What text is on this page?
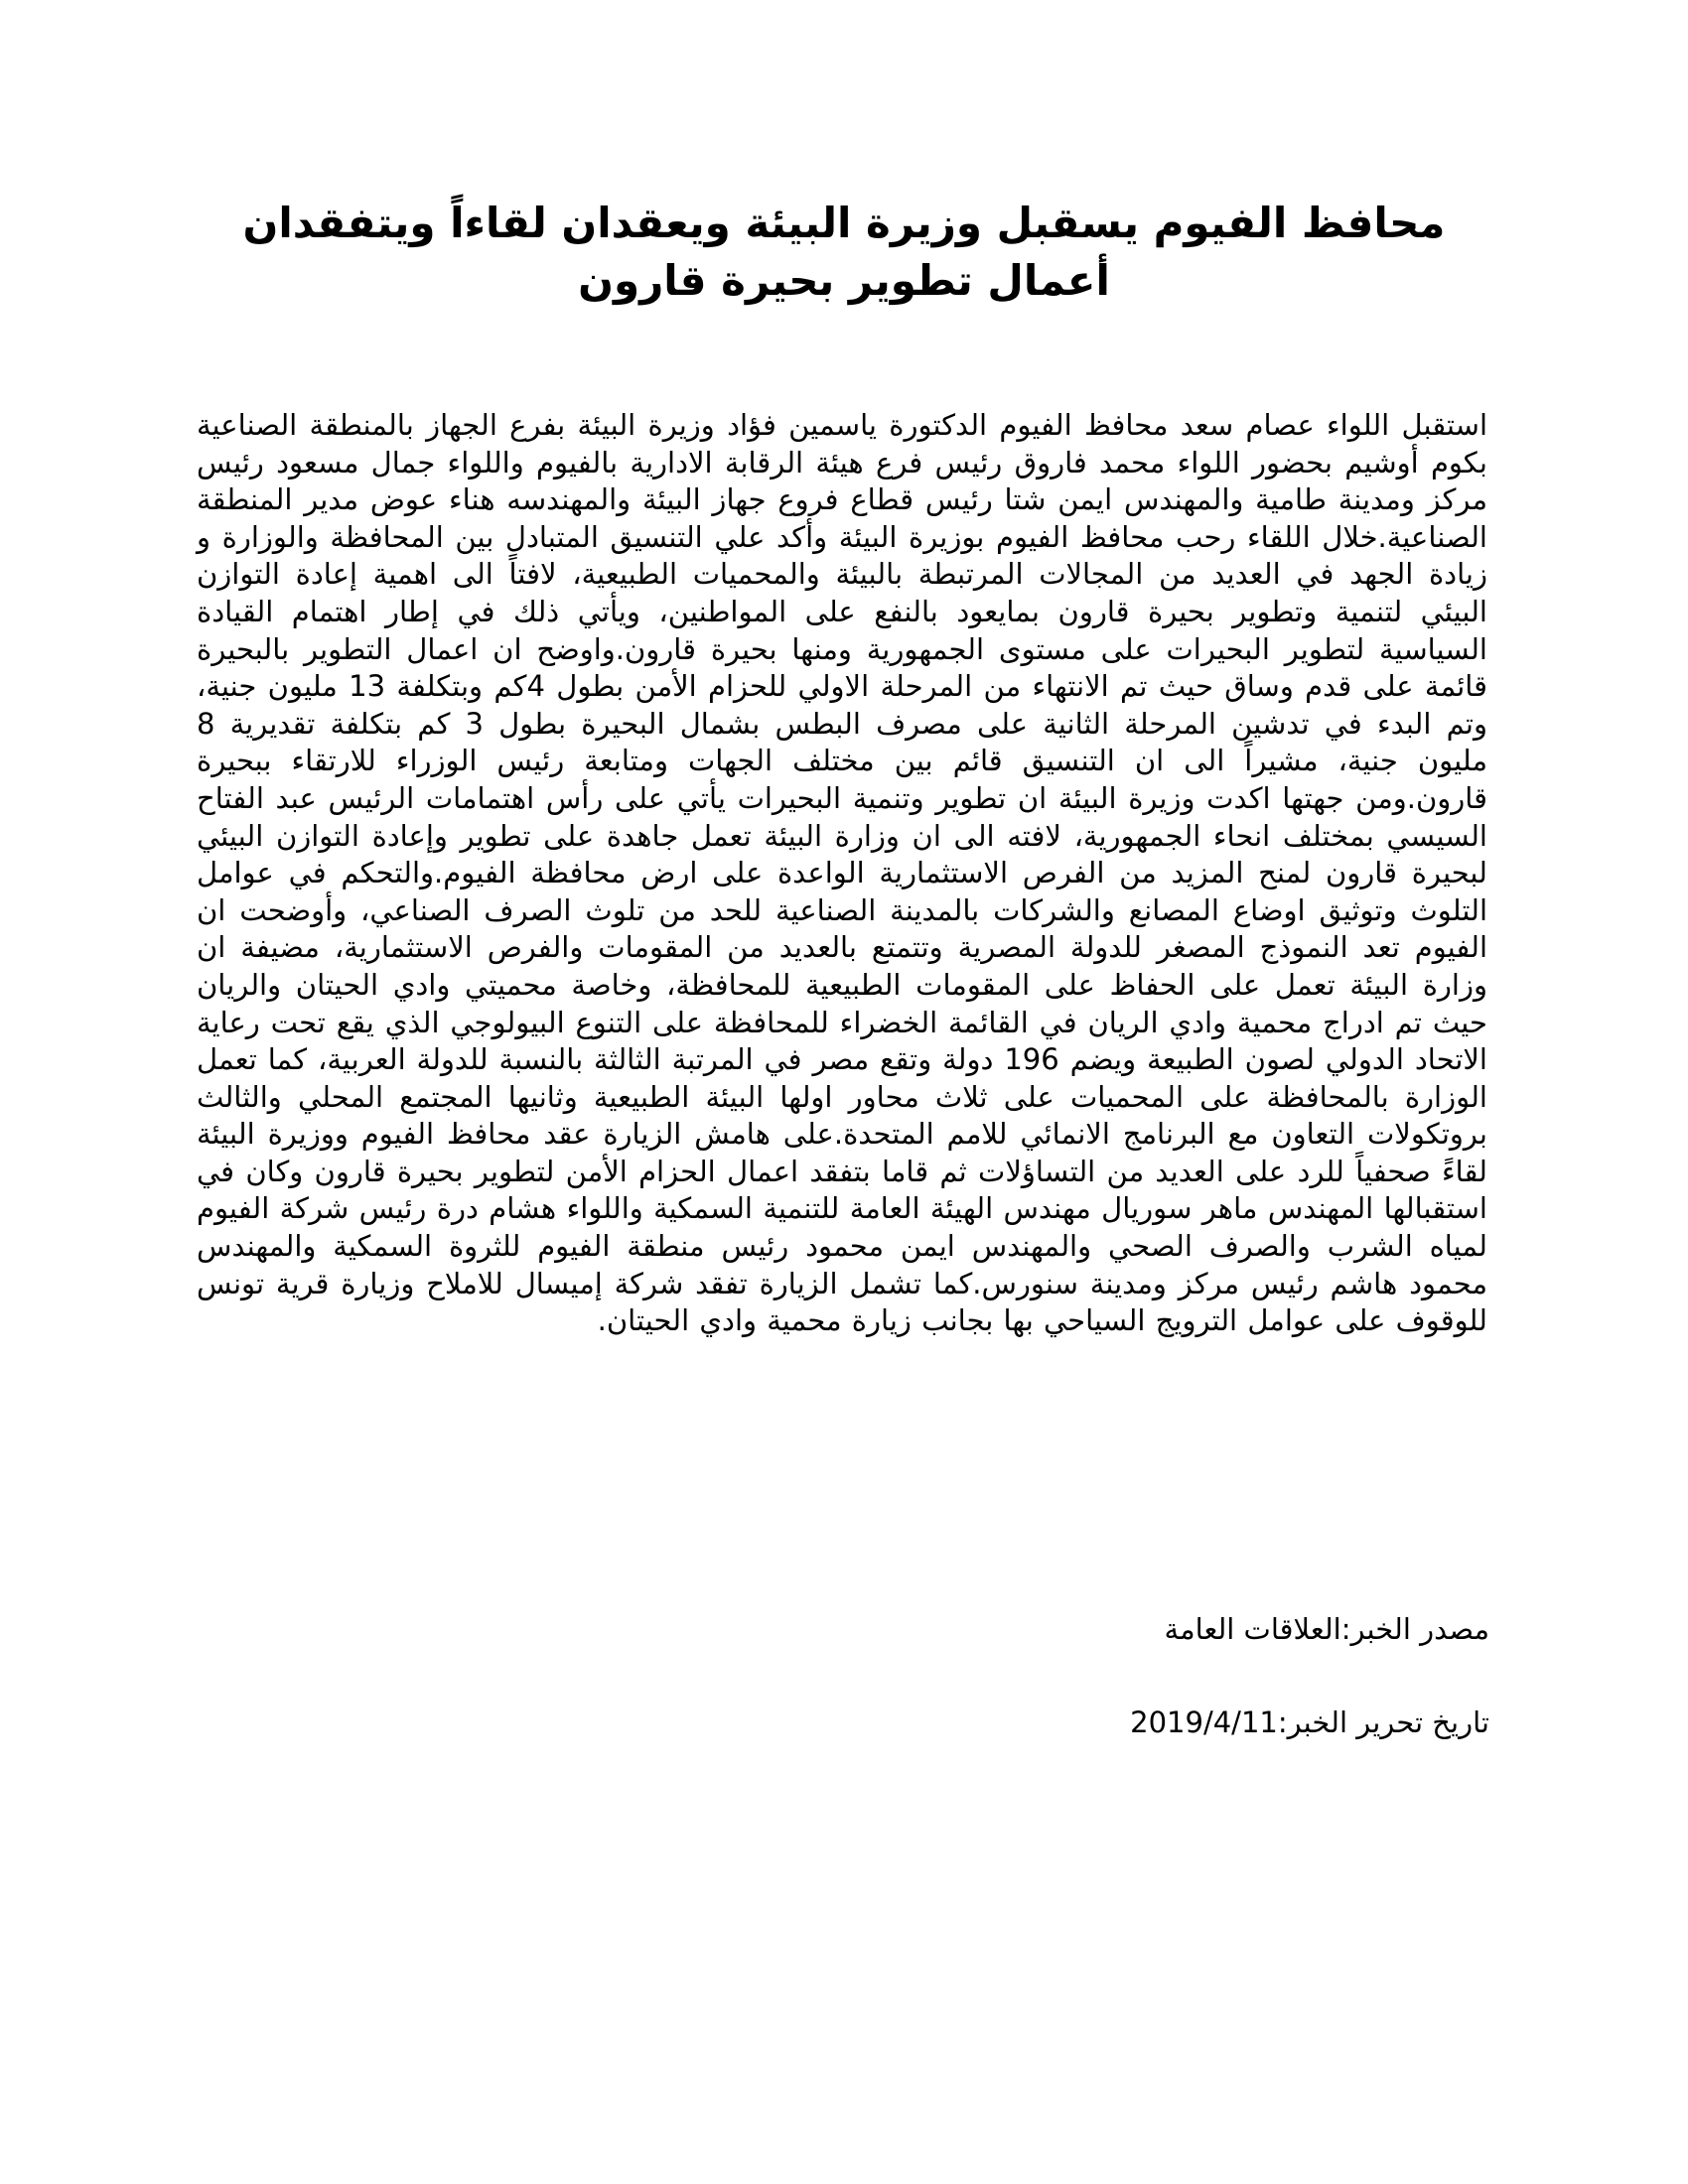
محافظ الفيوم يسقبل وزيرة البيئة ويعقدان لقاءاً ويتفقدان أعمال تطوير بحيرة قارون

استقبل اللواء عصام سعد محافظ الفيوم الدكتورة ياسمين فؤاد وزيرة البيئة بفرع الجهاز بالمنطقة الصناعية بكوم أوشيم بحضور اللواء محمد فاروق رئيس فرع هيئة الرقابة الادارية بالفيوم واللواء جمال مسعود رئيس مركز ومدينة طامية والمهندس ايمن شتا رئيس قطاع فروع جهاز البيئة والمهندسه هناء عوض مدير المنطقة الصناعية.خلال اللقاء رحب محافظ الفيوم بوزيرة البيئة وأكد علي التنسيق المتبادل بين المحافظة والوزارة و زيادة الجهد في العديد من المجالات المرتبطة بالبيئة والمحميات الطبيعية، لافتاً الى اهمية إعادة التوازن البيئي لتنمية وتطوير بحيرة قارون بمايعود بالنفع على المواطنين، ويأتي ذلك في إطار اهتمام القيادة السياسية لتطوير البحيرات على مستوى الجمهورية ومنها بحيرة قارون.واوضح ان اعمال التطوير بالبحيرة قائمة على قدم وساق حيث تم الانتهاء من المرحلة الاولي للحزام الأمن بطول 4كم وبتكلفة 13 مليون جنية، وتم البدء في تدشين المرحلة الثانية على مصرف البطس بشمال البحيرة بطول 3 كم بتكلفة تقديرية 8 مليون جنية، مشيراً الى ان التنسيق قائم بين مختلف الجهات ومتابعة رئيس الوزراء للارتقاء ببحيرة قارون.ومن جهتها اكدت وزيرة البيئة ان تطوير وتنمية البحيرات يأتي على رأس اهتمامات الرئيس عبد الفتاح السيسي بمختلف انحاء الجمهورية، لافته الى ان وزارة البيئة تعمل جاهدة على تطوير وإعادة التوازن البيئي لبحيرة قارون لمنح المزيد من الفرص الاستثمارية الواعدة على ارض محافظة الفيوم.والتحكم في عوامل التلوث وتوثيق اوضاع المصانع والشركات بالمدينة الصناعية للحد من تلوث الصرف الصناعي، وأوضحت ان الفيوم تعد النموذج المصغر للدولة المصرية وتتمتع بالعديد من المقومات والفرص الاستثمارية، مضيفة ان وزارة البيئة تعمل على الحفاظ على المقومات الطبيعية للمحافظة، وخاصة محميتي وادي الحيتان والريان حيث تم ادراج محمية وادي الريان في القائمة الخضراء للمحافظة على التنوع البيولوجي الذي يقع تحت رعاية الاتحاد الدولي لصون الطبيعة ويضم 196 دولة وتقع مصر في المرتبة الثالثة بالنسبة للدولة العربية، كما تعمل الوزارة بالمحافظة على المحميات على ثلاث محاور اولها البيئة الطبيعية وثانيها المجتمع المحلي والثالث بروتكولات التعاون مع البرنامج الانمائي للامم المتحدة.على هامش الزيارة عقد محافظ الفيوم ووزيرة البيئة لقاءً صحفياً للرد على العديد من التساؤلات ثم قاما بتفقد اعمال الحزام الأمن لتطوير بحيرة قارون وكان في استقبالها المهندس ماهر سوريال مهندس الهيئة العامة للتنمية السمكية واللواء هشام درة رئيس شركة الفيوم لمياه الشرب والصرف الصحي والمهندس ايمن محمود رئيس منطقة الفيوم للثروة السمكية والمهندس محمود هاشم رئيس مركز ومدينة سنورس.كما تشمل الزيارة تفقد شركة إميسال للاملاح وزيارة قرية تونس للوقوف على عوامل الترويج السياحي بها بجانب زيارة محمية وادي الحيتان.

مصدر الخبر:العلاقات العامة

تاريخ تحرير الخبر:2019/4/11
